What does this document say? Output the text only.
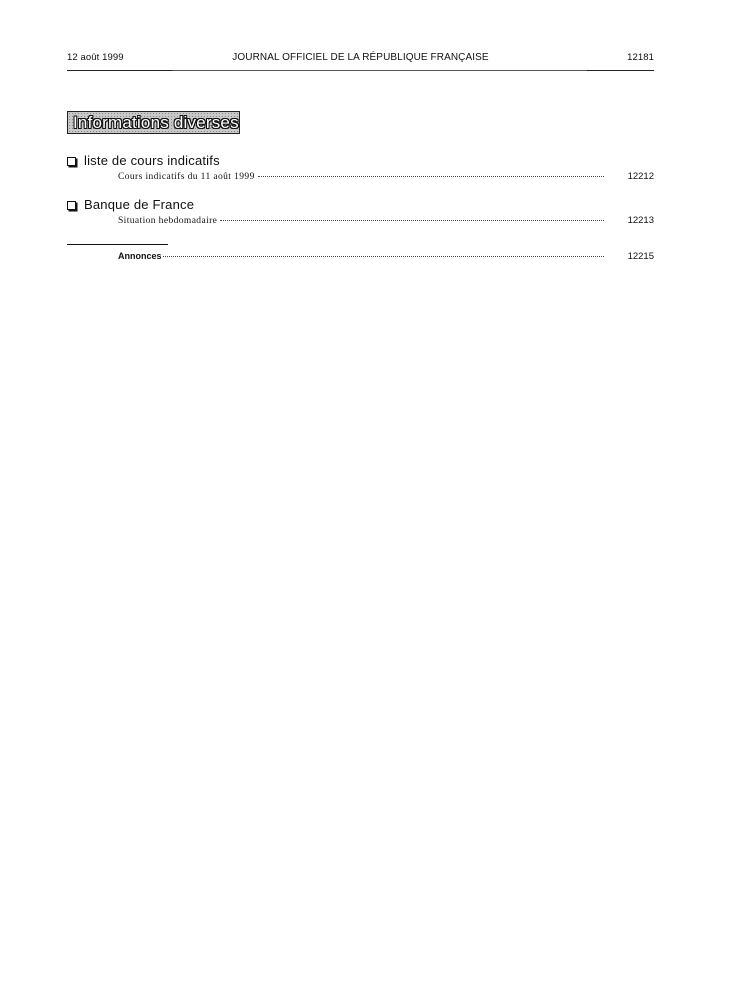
12 août 1999	JOURNAL OFFICIEL DE LA RÉPUBLIQUE FRANÇAISE	12181
Informations diverses
liste de cours indicatifs
Cours indicatifs du 11 août 1999	12212
Banque de France
Situation hebdomadaire	12213
Annonces	12215
